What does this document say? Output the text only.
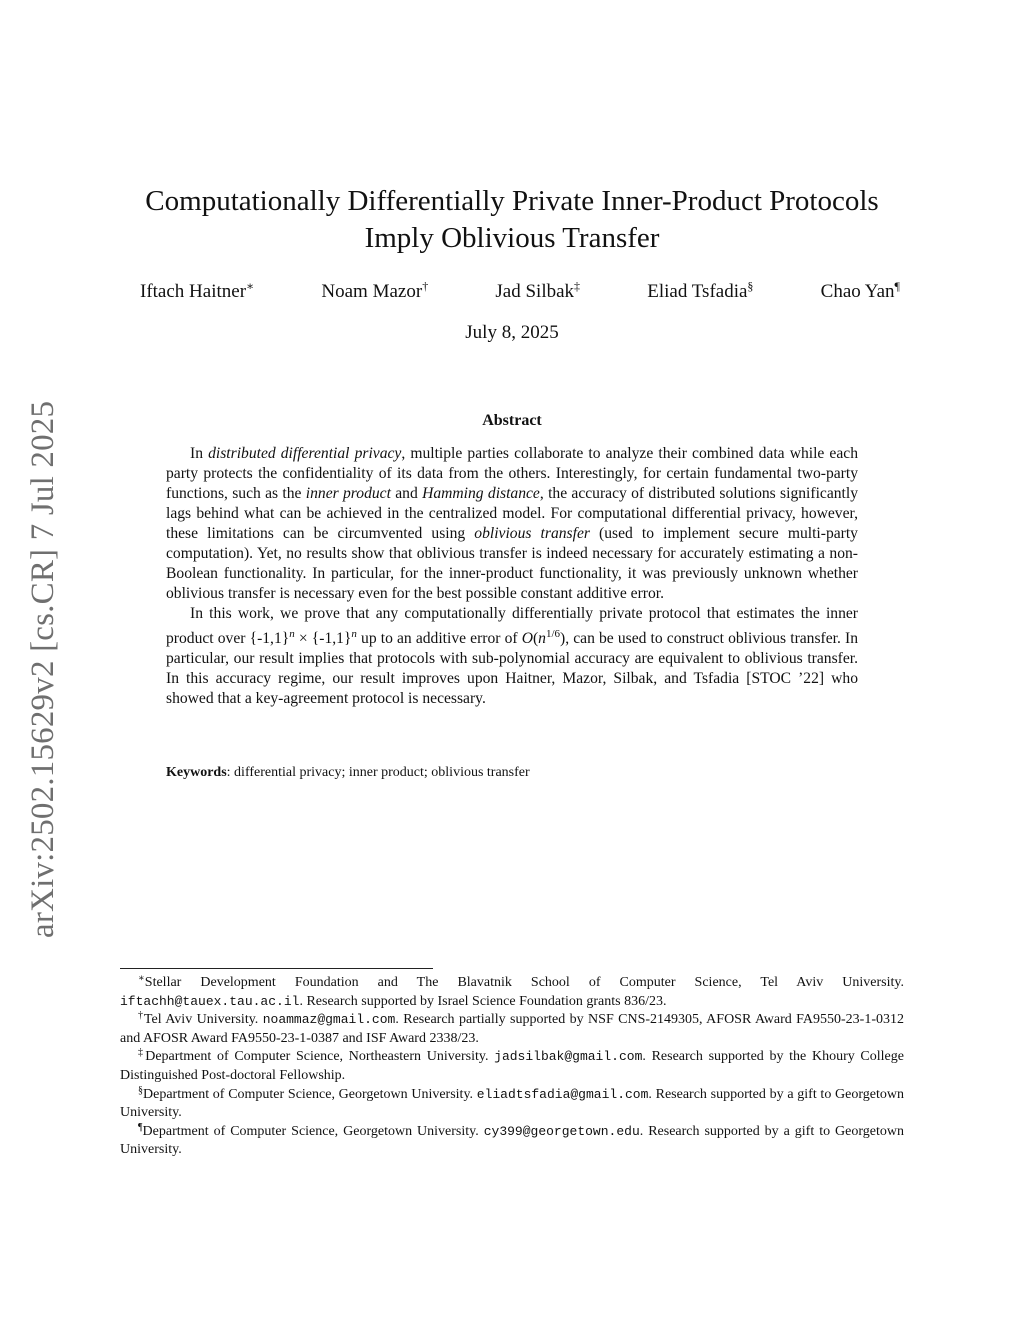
arXiv:2502.15629v2 [cs.CR] 7 Jul 2025
Computationally Differentially Private Inner-Product Protocols
Imply Oblivious Transfer
Iftach Haitner∗	Noam Mazor†	Jad Silbak‡	Eliad Tsfadia§	Chao Yan¶
July 8, 2025
Abstract

In distributed differential privacy, multiple parties collaborate to analyze their combined data while each party protects the confidentiality of its data from the others. Interestingly, for certain fundamental two-party functions, such as the inner product and Hamming distance, the accuracy of distributed solutions significantly lags behind what can be achieved in the centralized model. For computational differential privacy, however, these limitations can be circumvented using oblivious transfer (used to implement secure multi-party computation). Yet, no results show that oblivious transfer is indeed necessary for accurately estimating a non-Boolean functionality. In particular, for the inner-product functionality, it was previously unknown whether oblivious transfer is necessary even for the best possible constant additive error.

In this work, we prove that any computationally differentially private protocol that estimates the inner product over $\{-1,1\}^n \times \{-1,1\}^n$ up to an additive error of $O(n^{1/6})$, can be used to construct oblivious transfer. In particular, our result implies that protocols with sub-polynomial accuracy are equivalent to oblivious transfer. In this accuracy regime, our result improves upon Haitner, Mazor, Silbak, and Tsfadia [STOC ’22] who showed that a key-agreement protocol is necessary.

Keywords: differential privacy; inner product; oblivious transfer

∗Stellar Development Foundation and The Blavatnik School of Computer Science, Tel Aviv University. iftachh@tauex.tau.ac.il. Research supported by Israel Science Foundation grants 836/23.

†Tel Aviv University. noammaz@gmail.com. Research partially supported by NSF CNS-2149305, AFOSR Award FA9550-23-1-0312 and AFOSR Award FA9550-23-1-0387 and ISF Award 2338/23.

‡Department of Computer Science, Northeastern University. jadsilbak@gmail.com. Research supported by the Khoury College Distinguished Post-doctoral Fellowship.

§Department of Computer Science, Georgetown University. eliadtsfadia@gmail.com. Research supported by a gift to Georgetown University.

¶Department of Computer Science, Georgetown University. cy399@georgetown.edu. Research supported by a gift to Georgetown University.
